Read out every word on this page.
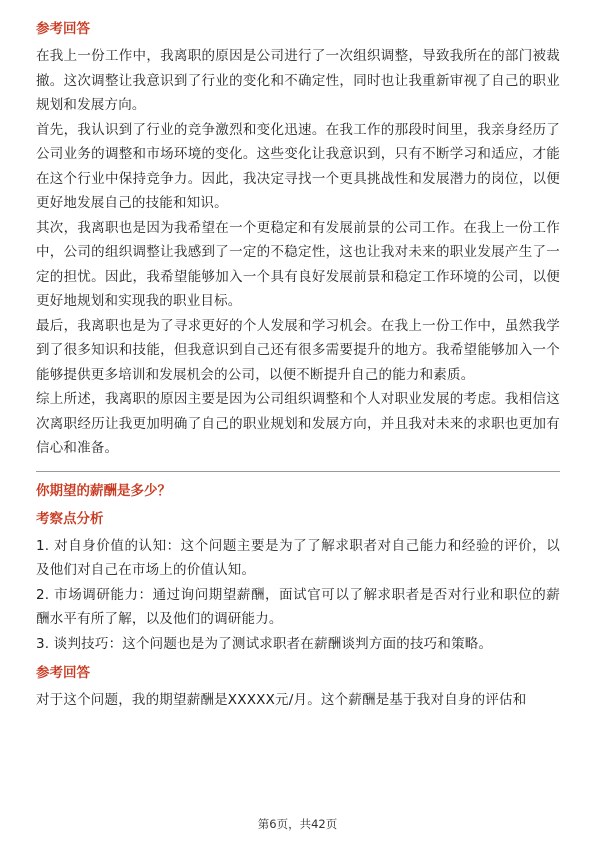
参考回答

在我上一份工作中，我离职的原因是公司进行了一次组织调整，导致我所在的部门被裁撤。这次调整让我意识到了行业的变化和不确定性，同时也让我重新审视了自己的职业规划和发展方向。

首先，我认识到了行业的竞争激烈和变化迅速。在我工作的那段时间里，我亲身经历了公司业务的调整和市场环境的变化。这些变化让我意识到，只有不断学习和适应，才能在这个行业中保持竞争力。因此，我决定寻找一个更具挑战性和发展潜力的岗位，以便更好地发展自己的技能和知识。

其次，我离职也是因为我希望在一个更稳定和有发展前景的公司工作。在我上一份工作中，公司的组织调整让我感到了一定的不稳定性，这也让我对未来的职业发展产生了一定的担忧。因此，我希望能够加入一个具有良好发展前景和稳定工作环境的公司，以便更好地规划和实现我的职业目标。

最后，我离职也是为了寻求更好的个人发展和学习机会。在我上一份工作中，虽然我学到了很多知识和技能，但我意识到自己还有很多需要提升的地方。我希望能够加入一个能够提供更多培训和发展机会的公司，以便不断提升自己的能力和素质。

综上所述，我离职的原因主要是因为公司组织调整和个人对职业发展的考虑。我相信这次离职经历让我更加明确了自己的职业规划和发展方向，并且我对未来的求职也更加有信心和准备。

你期望的薪酬是多少？
考察点分析

1. 对自身价值的认知：这个问题主要是为了了解求职者对自己能力和经验的评价，以及他们对自己在市场上的价值认知。

2. 市场调研能力：通过询问期望薪酬，面试官可以了解求职者是否对行业和职位的薪酬水平有所了解，以及他们的调研能力。

3. 谈判技巧：这个问题也是为了测试求职者在薪酬谈判方面的技巧和策略。

参考回答

对于这个问题，我的期望薪酬是XXXXX元/月。这个薪酬是基于我对自身的评估和

第6页，共42页
